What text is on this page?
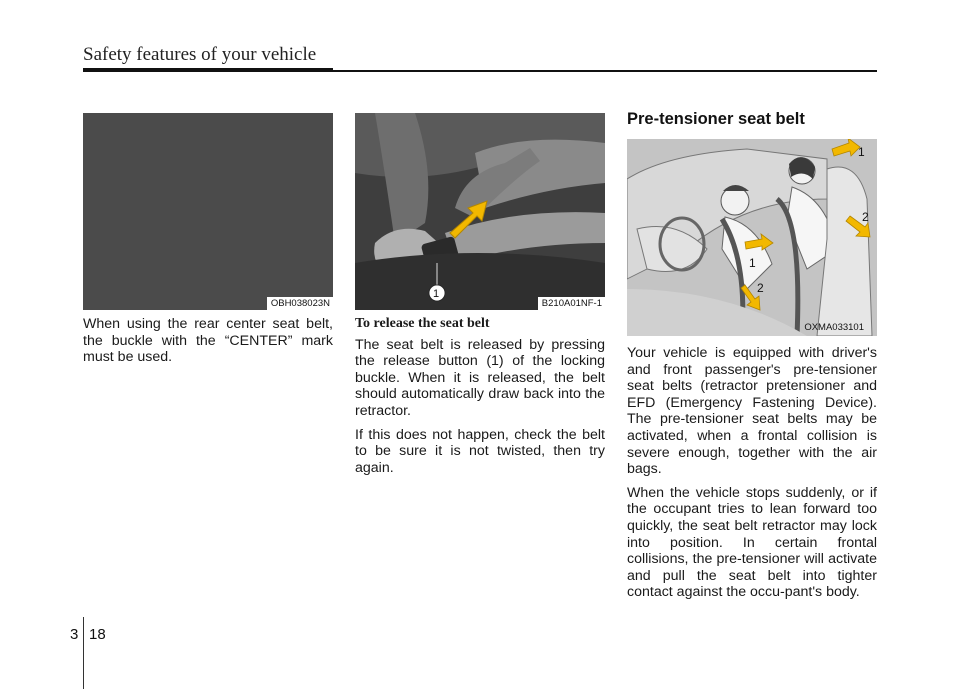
Safety features of your vehicle
OBH038023N
1
B210A01NF-1
1
2
1
2
OXMA033101

When using the rear center seat belt, the buckle with the “CENTER” mark must be used.

To release the seat belt

The seat belt is released by pressing the release button (1) of the locking buckle. When it is released, the belt should automatically draw back into the retractor.

If this does not happen, check the belt to be sure it is not twisted, then try again.

Pre-tensioner seat belt

Your vehicle is equipped with driver's and front passenger's pre-tensioner seat belts (retractor pretensioner and EFD (Emergency Fastening Device). The pre-tensioner seat belts may be activated, when a frontal collision is severe enough, together with the air bags.

When the vehicle stops suddenly, or if the occupant tries to lean forward too quickly, the seat belt retractor may lock into position. In certain frontal collisions, the pre-tensioner will activate and pull the seat belt into tighter contact against the occu-pant's body.

3 18
